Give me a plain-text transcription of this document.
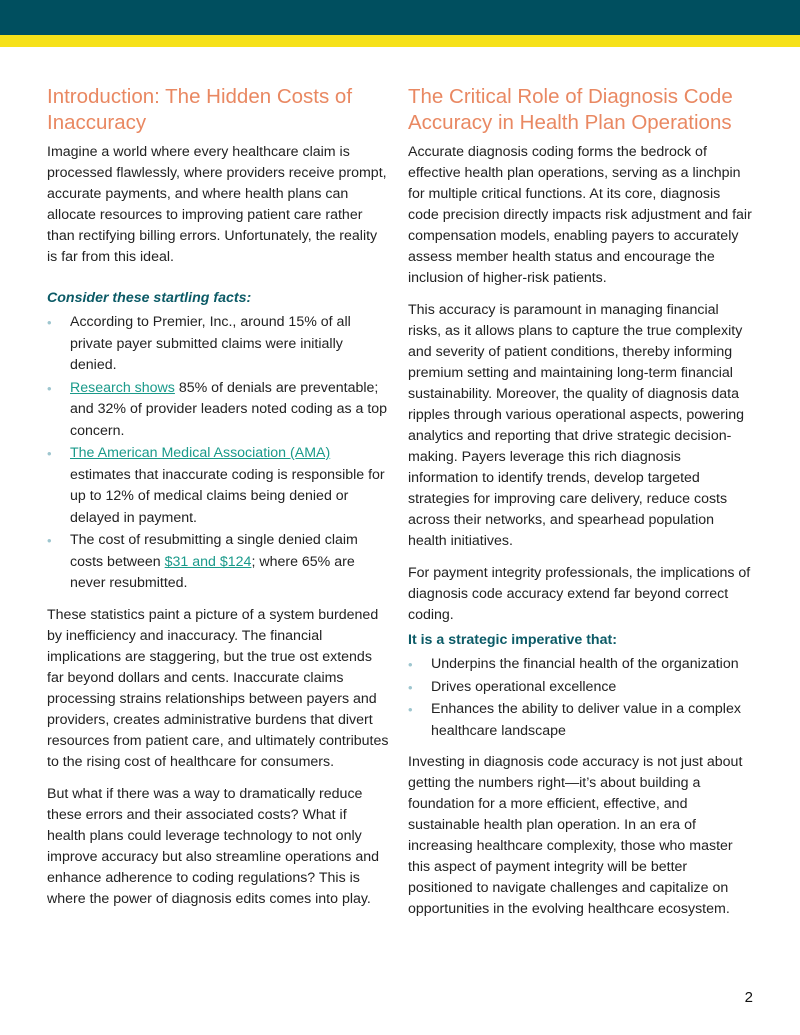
Introduction: The Hidden Costs of Inaccuracy

Imagine a world where every healthcare claim is processed flawlessly, where providers receive prompt, accurate payments, and where health plans can allocate resources to improving patient care rather than rectifying billing errors. Unfortunately, the reality is far from this ideal.

Consider these startling facts:
• According to Premier, Inc., around 15% of all private payer submitted claims were initially denied.
• Research shows 85% of denials are preventable; and 32% of provider leaders noted coding as a top concern.
• The American Medical Association (AMA) estimates that inaccurate coding is responsible for up to 12% of medical claims being denied or delayed in payment.
• The cost of resubmitting a single denied claim costs between $31 and $124; where 65% are never resubmitted.

These statistics paint a picture of a system burdened by inefficiency and inaccuracy. The financial implications are staggering, but the true ost extends far beyond dollars and cents. Inaccurate claims processing strains relationships between payers and providers, creates administrative burdens that divert resources from patient care, and ultimately contributes to the rising cost of healthcare for consumers.

But what if there was a way to dramatically reduce these errors and their associated costs? What if health plans could leverage technology to not only improve accuracy but also streamline operations and enhance adherence to coding regulations? This is where the power of diagnosis edits comes into play.

The Critical Role of Diagnosis Code Accuracy in Health Plan Operations

Accurate diagnosis coding forms the bedrock of effective health plan operations, serving as a linchpin for multiple critical functions. At its core, diagnosis code precision directly impacts risk adjustment and fair compensation models, enabling payers to accurately assess member health status and encourage the inclusion of higher-risk patients.

This accuracy is paramount in managing financial risks, as it allows plans to capture the true complexity and severity of patient conditions, thereby informing premium setting and maintaining long-term financial sustainability. Moreover, the quality of diagnosis data ripples through various operational aspects, powering analytics and reporting that drive strategic decision-making. Payers leverage this rich diagnosis information to identify trends, develop targeted strategies for improving care delivery, reduce costs across their networks, and spearhead population health initiatives.

For payment integrity professionals, the implications of diagnosis code accuracy extend far beyond correct coding.

It is a strategic imperative that:
• Underpins the financial health of the organization
• Drives operational excellence
• Enhances the ability to deliver value in a complex healthcare landscape

Investing in diagnosis code accuracy is not just about getting the numbers right—it’s about building a foundation for a more efficient, effective, and sustainable health plan operation. In an era of increasing healthcare complexity, those who master this aspect of payment integrity will be better positioned to navigate challenges and capitalize on opportunities in the evolving healthcare ecosystem.

2
